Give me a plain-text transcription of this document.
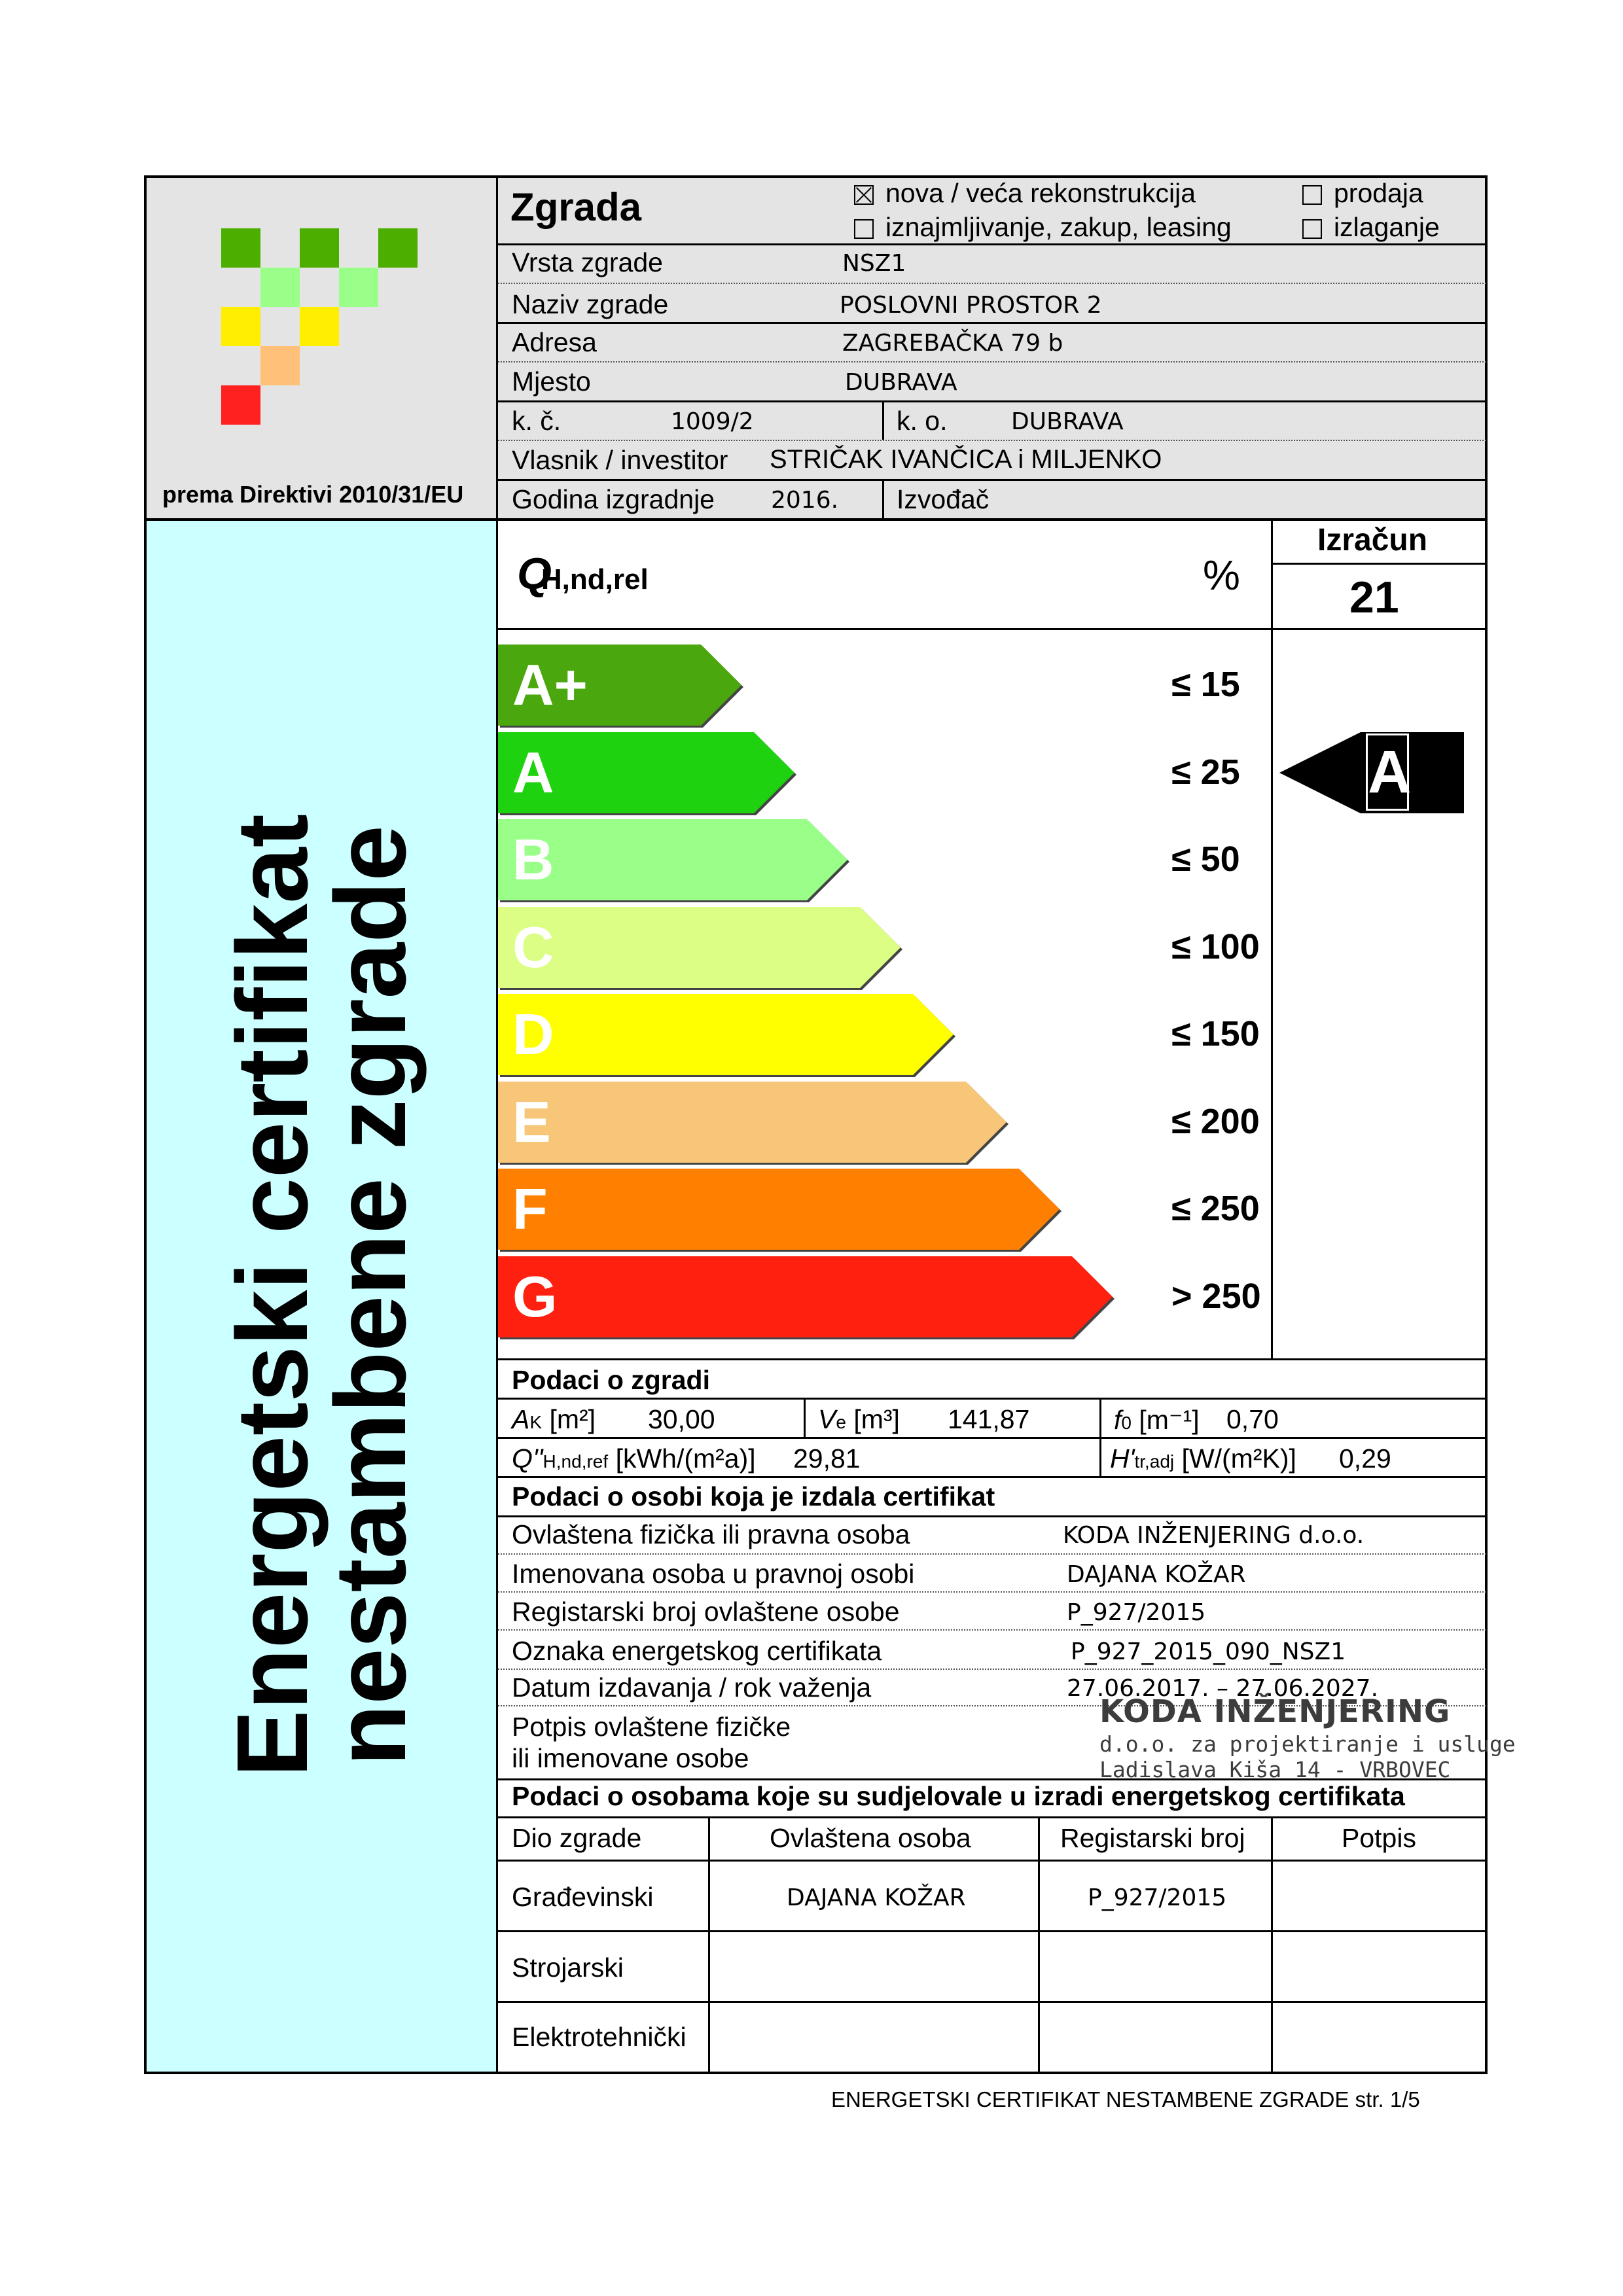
prema Direktivi 2010/31/EU
Zgrada	nova / veća rekonstrukcija
iznajmljivanje, zakup, leasing
prodaja
izlaganje
Vrsta zgrade	NSZ1
Naziv zgrade	POSLOVNI PROSTOR 2
Adresa	ZAGREBAČKA 79 b
Mjesto	DUBRAVA
k. č.	1009/2	k. o.	DUBRAVA
Vlasnik / investitor STRIČAK IVANČICA i MILJENKO
Godina izgradnje 2016. Izvođač
Energetski certifikat
nestambene zgrade
QH,nd,rel	%
Izračun
21
A+	≤ 15
A	≤ 25
B	≤ 50
C	≤ 100
D	≤ 150
E	≤ 200
F	≤ 250
G	> 250
A
Podaci o zgradi
AK [m²] 30,00	Ve [m³] 141,87	f0 [m⁻¹] 0,70
Q''H,nd,ref [kWh/(m²a)] 29,81	H'tr,adj [W/(m²K)] 0,29
Podaci o osobi koja je izdala certifikat
Ovlaštena fizička ili pravna osoba	KODA INŽENJERING d.o.o.
Imenovana osoba u pravnoj osobi	DAJANA KOŽAR
Registarski broj ovlaštene osobe	P_927/2015
Oznaka energetskog certifikata	P_927_2015_090_NSZ1
Datum izdavanja / rok važenja	27.06.2017. – 27.06.2027.
Potpis ovlaštene fizičke
ili imenovane osobe
KODA INŽENJERING
d.o.o. za projektiranje i usluge
Ladislava Kiša 14 - VRBOVEC
Podaci o osobama koje su sudjelovale u izradi energetskog certifikata
Dio zgrade	Ovlaštena osoba	Registarski broj	Potpis
Građevinski	DAJANA KOŽAR	P_927/2015
Strojarski
Elektrotehnički
ENERGETSKI CERTIFIKAT NESTAMBENE ZGRADE str. 1/5
